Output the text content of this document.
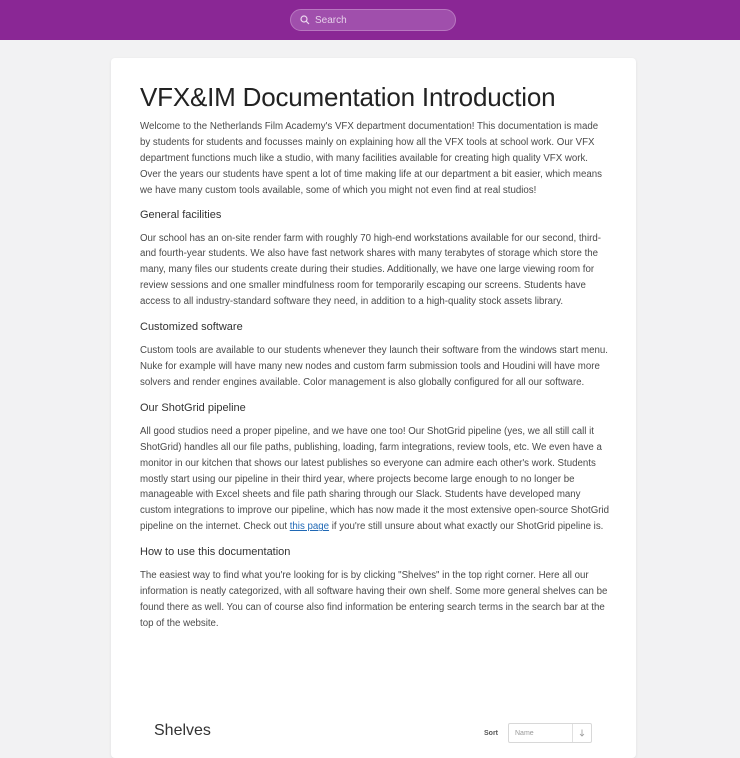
Search
VFX&IM Documentation Introduction

Welcome to the Netherlands Film Academy's VFX department documentation! This documentation is made by students for students and focusses mainly on explaining how all the VFX tools at school work. Our VFX department functions much like a studio, with many facilities available for creating high quality VFX work. Over the years our students have spent a lot of time making life at our department a bit easier, which means we have many custom tools available, some of which you might not even find at real studios!

General facilities

Our school has an on-site render farm with roughly 70 high-end workstations available for our second, third- and fourth-year students. We also have fast network shares with many terabytes of storage which store the many, many files our students create during their studies. Additionally, we have one large viewing room for review sessions and one smaller mindfulness room for temporarily escaping our screens. Students have access to all industry-standard software they need, in addition to a high-quality stock assets library.

Customized software

Custom tools are available to our students whenever they launch their software from the windows start menu. Nuke for example will have many new nodes and custom farm submission tools and Houdini will have more solvers and render engines available. Color management is also globally configured for all our software.

Our ShotGrid pipeline

All good studios need a proper pipeline, and we have one too! Our ShotGrid pipeline (yes, we all still call it ShotGrid) handles all our file paths, publishing, loading, farm integrations, review tools, etc. We even have a monitor in our kitchen that shows our latest publishes so everyone can admire each other's work. Students mostly start using our pipeline in their third year, where projects become large enough to no longer be manageable with Excel sheets and file path sharing through our Slack. Students have developed many custom integrations to improve our pipeline, which has now made it the most extensive open-source ShotGrid pipeline on the internet. Check out this page if you're still unsure about what exactly our ShotGrid pipeline is.

How to use this documentation

The easiest way to find what you're looking for is by clicking "Shelves" in the top right corner. Here all our information is neatly categorized, with all software having their own shelf. Some more general shelves can be found there as well. You can of course also find information be entering search terms in the search bar at the top of the website.

Shelves	Sort Name
